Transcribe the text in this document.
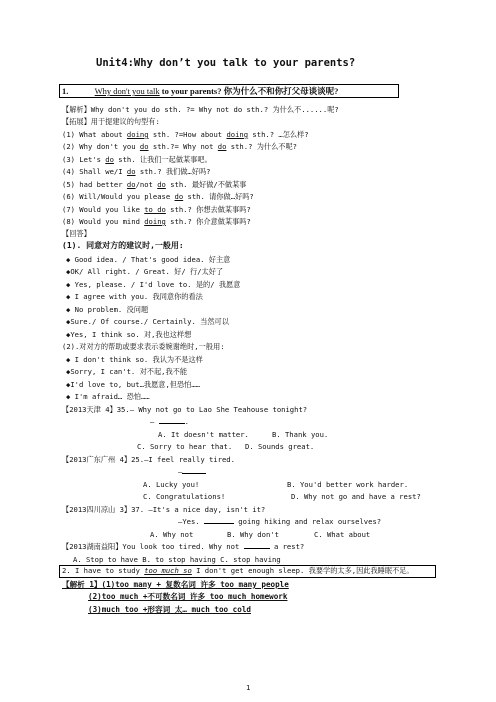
Unit4:Why don’t you talk to your parents?
1.	Why don't you talk to your parents? 你为什么不和你打父母谈谈呢?
【解析】Why don't you do sth. ?= Why not do sth.? 为什么不......呢?
【拓展】用于提建议的句型有:
(1) What about doing sth. ?=How about doing sth.? …怎么样?
(2) Why don't you do sth.?= Why not do sth.? 为什么不呢?
(3) Let's do sth. 让我们一起做某事吧。
(4) Shall we/I do sth.? 我们做…好吗?
(5) had better do/not do sth. 最好做/不做某事
(6) Will/Would you please do sth. 请你做…好吗?
(7) Would you like to do sth.? 你想去做某事吗?
(8) Would you mind doing sth.? 你介意做某事吗?
【回答】
(1). 同意对方的建议时,一般用:
◆ Good idea. / That's good idea. 好主意
◆OK/ All right. / Great. 好/ 行/太好了
◆ Yes, please. / I'd love to. 是的/ 我愿意
◆ I agree with you. 我同意你的看法
◆ No problem. 没问题
◆Sure./ Of course./ Certainly. 当然可以
◆Yes, I think so. 对,我也这样想
(2).对对方的帮助或要求表示委婉谢绝时,一般用:
◆ I don't think so. 我认为不是这样
◆Sorry, I can't. 对不起,我不能
◆I'd love to, but…我愿意,但恐怕……
◆ I'm afraid… 恐怕……
【2013天津 4】35.— Why not go to Lao She Teahouse tonight?
—	.
A. It doesn't matter.	B. Thank you.
C. Sorry to hear that. D. Sounds great.
【2013广东广州 4】25.—I feel really tired.
—
A. Lucky you!	B. You'd better work harder.
C. Congratulations!	D. Why not go and have a rest?
【2013四川凉山 3】37. —It's a nice day, isn't it?
—Yes.	going hiking and relax ourselves?
A. Why not	B. Why don't	C. What about
【2013湖南益阳】You look too tired. Why not	a rest?
A. Stop to have B. to stop having C. stop having
2. I have to study too much so I don't get enough sleep. 我要学的太多,因此我睡眠不足。
【解析 1】(1)too many + 复数名词 许多 too many people
(2)too much +不可数名词 许多 too much homework
(3)much too +形容词 太… much too cold
1
